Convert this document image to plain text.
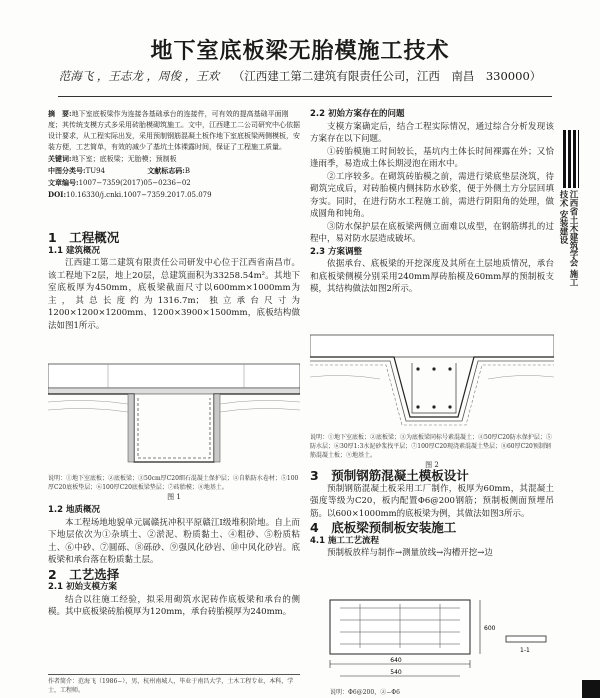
地下室底板梁无胎模施工技术
范海飞 ，王志龙 ，周俊 ，王欢 （江西建工第二建筑有限责任公司，江西　南昌　330000）
摘　要:地下室底板梁作为连接各基础承台的连接件，可有效的提高基础平面刚度；其传统支模方式多采用砖胎模砌筑施工。文中，江西建工二公司研究中心依据设计要求，从工程实际出发，采用预制钢筋混凝土板作地下室底板梁两侧模板，安装方便，工艺简单，有效的减少了基坑土体裸露时间，保证了工程施工质量。
关键词:地下室；底板梁；无胎模；预制板
中图分类号:TU94	文献标志码:B
文章编号:1007−7359(2017)05−0236−02
DOI:10.16330/j.cnki.1007−7359.2017.05.079
1　工程概况
1.1 建筑概况

江西建工第二建筑有限责任公司研发中心位于江西省南昌市。该工程地下2层，地上20层，总建筑面积为33258.54m²。其地下室底板厚为450mm，底板梁截面尺寸以600mm×1000mm为主，其总长度约为1316.7m；独立承台尺寸为1200×1200×1200mm、1200×3900×1500mm，底板结构做法如图1所示。

说明：①地下室底板；②底板梁；③50cm厚C20细石混凝土保护层；④自粘防水卷材；⑤100厚C20底板垫层；⑥100厚C20底板梁垫层；⑦砖胎模；⑧地基土。
图 1
1.2 地质概况

本工程场地地貌单元属赣抚冲积平原赣江Ⅰ级堆积阶地。自上而下地层依次为①杂填土、②淤泥、粉质黏土、④粗砂、⑤粉质粘土、⑥中砂、⑦圆砾、⑧砾砂、⑨强风化砂岩、⑩中风化砂岩。底板梁和承台落在粉质黏土层。

2　工艺选择
2.1 初始支模方案

结合以往施工经验，拟采用砌筑水泥砖作底板梁和承台的侧模。其中底板梁砖胎模厚为120mm，承台砖胎模厚为240mm。

作者简介：范海飞（1986−），男，杭州南城人，毕业于南昌大学，土木工程专业，本科，学士，工程师。
2.2 初始方案存在的问题

支模方案确定后，结合工程实际情况，通过综合分析发现该方案存在以下问题。

①砖胎模施工时间较长，基坑内土体长时间裸露在外；又恰逢雨季，易造成土体长期浸泡在雨水中。

②工序较多。在砌筑砖胎模之前，需进行梁底垫层浇筑，待砌筑完成后，对砖胎模内侧抹防水砂浆，便于外侧土方分层回填夯实。同时，在进行防水工程施工前，需进行阴阳角的处理，做成圆角和钝角。

③防水保护层在底板梁两侧立面难以成型，在钢筋绑扎的过程中，易对防水层造成破坏。

2.3 方案调整

依据承台、底板梁的开挖深度及其所在土层地质情况，承台和底板梁侧模分别采用240mm厚砖胎模及60mm厚的预制板支模，其结构做法如图2所示。

说明：①地下室底板；②底板梁；③为底板梁同标号素混凝土；④50厚C20防水保护层；⑤防水层；⑥30厚1:3水泥砂浆找平层；⑦100厚C20现浇素混凝土垫层；⑧60厚C20预制钢筋混凝土板；⑨地基土。
图 2
3　预制钢筋混凝土模板设计

预制钢筋混凝土板采用工厂制作，板厚为60mm，其混凝土强度等级为C20，板内配置Φ6@200钢筋；预制板侧面预埋吊筋。以600×1000mm的底板梁为例，其做法如图3所示。

4　底板梁预制板安装施工
4.1 施工工艺流程

预制板放样与制作→测量放线→沟槽开挖→边

640
540
600
1-1
说明：Φ6@200，②−Φ6
江西省土木建筑学会 施工技术 安装建设
